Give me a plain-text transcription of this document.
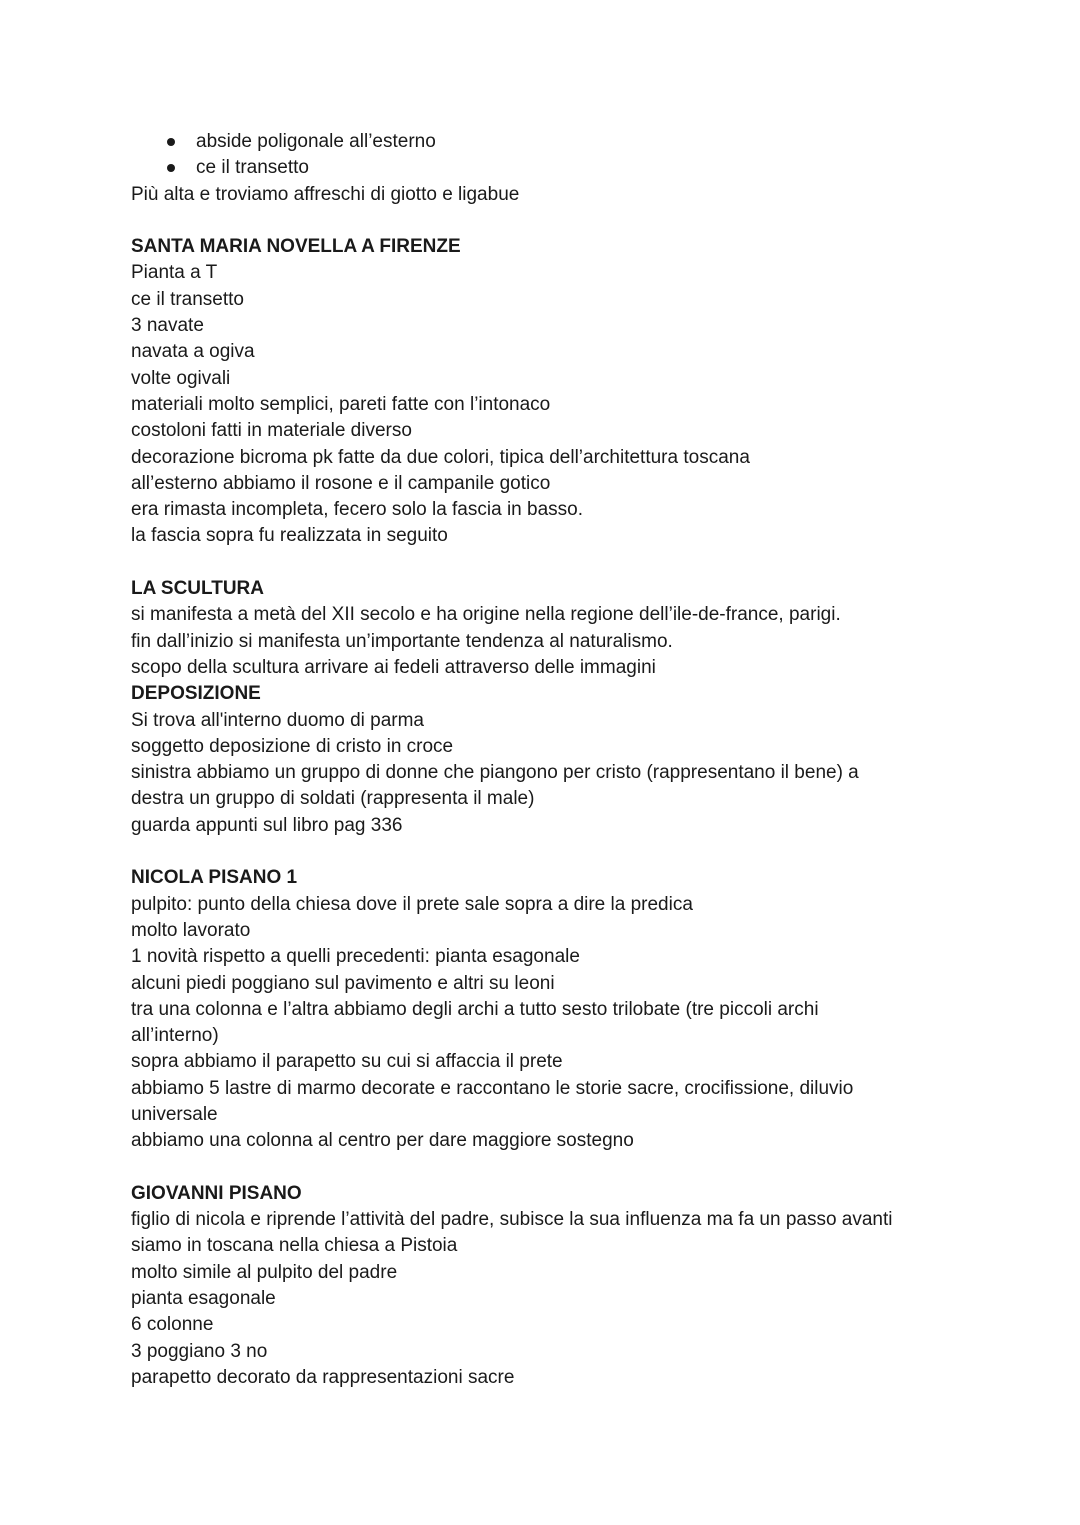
abside poligonale all’esterno
ce il transetto
Più alta e troviamo affreschi di giotto e ligabue
SANTA MARIA NOVELLA A FIRENZE
Pianta a T
ce il transetto
3 navate
navata a ogiva
volte ogivali
materiali molto semplici, pareti fatte con l’intonaco
costoloni fatti in materiale diverso
decorazione bicroma pk fatte da due colori, tipica dell’architettura toscana
all’esterno abbiamo il rosone e il campanile gotico
era rimasta incompleta, fecero solo la fascia in basso.
la fascia sopra fu realizzata in seguito
LA SCULTURA
si manifesta a metà del XII secolo e ha origine nella regione dell’ile-de-france, parigi.
fin dall’inizio si manifesta un’importante tendenza al naturalismo.
scopo della scultura arrivare ai fedeli attraverso delle immagini
DEPOSIZIONE
Si trova all'interno duomo di parma
soggetto deposizione di cristo in croce
sinistra abbiamo un gruppo di donne che piangono per cristo (rappresentano il bene) a
destra un gruppo di soldati (rappresenta il male)
guarda appunti sul libro pag 336
NICOLA PISANO 1
pulpito: punto della chiesa dove il prete sale sopra a dire la predica
molto lavorato
1 novità rispetto a quelli precedenti: pianta esagonale
alcuni piedi poggiano sul pavimento e altri su leoni
tra una colonna e l’altra abbiamo degli archi a tutto sesto trilobate (tre piccoli archi
all’interno)
sopra abbiamo il parapetto su cui si affaccia il prete
abbiamo 5 lastre di marmo decorate e raccontano le storie sacre, crocifissione, diluvio
universale
abbiamo una colonna al centro per dare maggiore sostegno
GIOVANNI PISANO
figlio di nicola e riprende l’attività del padre, subisce la sua influenza ma fa un passo avanti
siamo in toscana nella chiesa a Pistoia
molto simile al pulpito del padre
pianta esagonale
6 colonne
3 poggiano 3 no
parapetto decorato da rappresentazioni sacre
